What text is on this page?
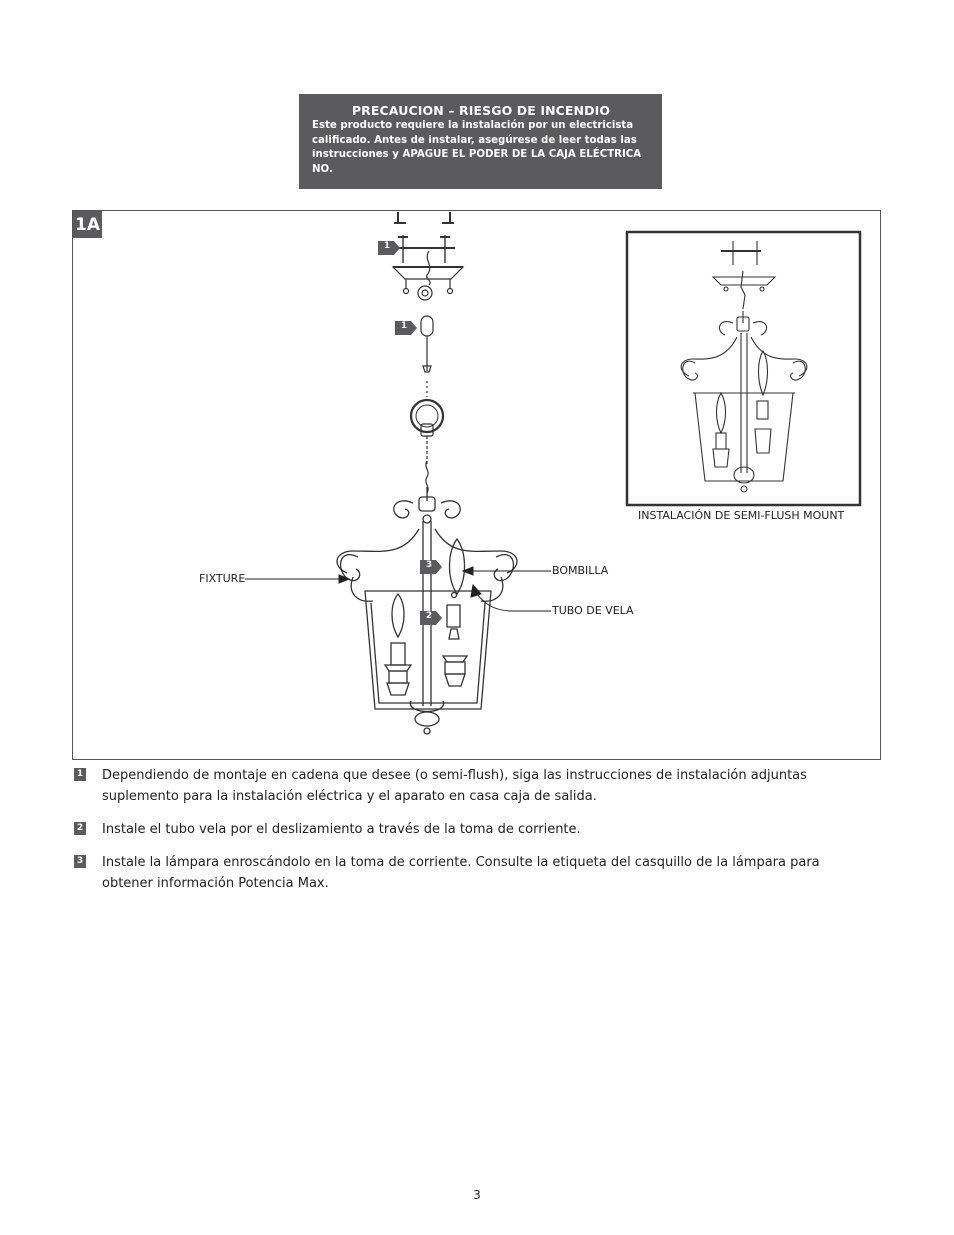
PRECAUCION – RIESGO DE INCENDIO
Este producto requiere la instalación por un electricista calificado. Antes de instalar, asegúrese de leer todas las instrucciones y APAGUE EL PODER DE LA CAJA ELÉCTRICA NO.
1A
1
1
3
2
FIXTURE
BOMBILLA
TUBO DE VELA
INSTALACIÓN DE SEMI-FLUSH MOUNT
1 Dependiendo de montaje en cadena que desee (o semi-flush), siga las instrucciones de instalación adjuntas suplemento para la instalación eléctrica y el aparato en casa caja de salida.
2 Instale el tubo vela por el deslizamiento a través de la toma de corriente.
3 Instale la lámpara enroscándolo en la toma de corriente. Consulte la etiqueta del casquillo de la lámpara para obtener información Potencia Max.
3
